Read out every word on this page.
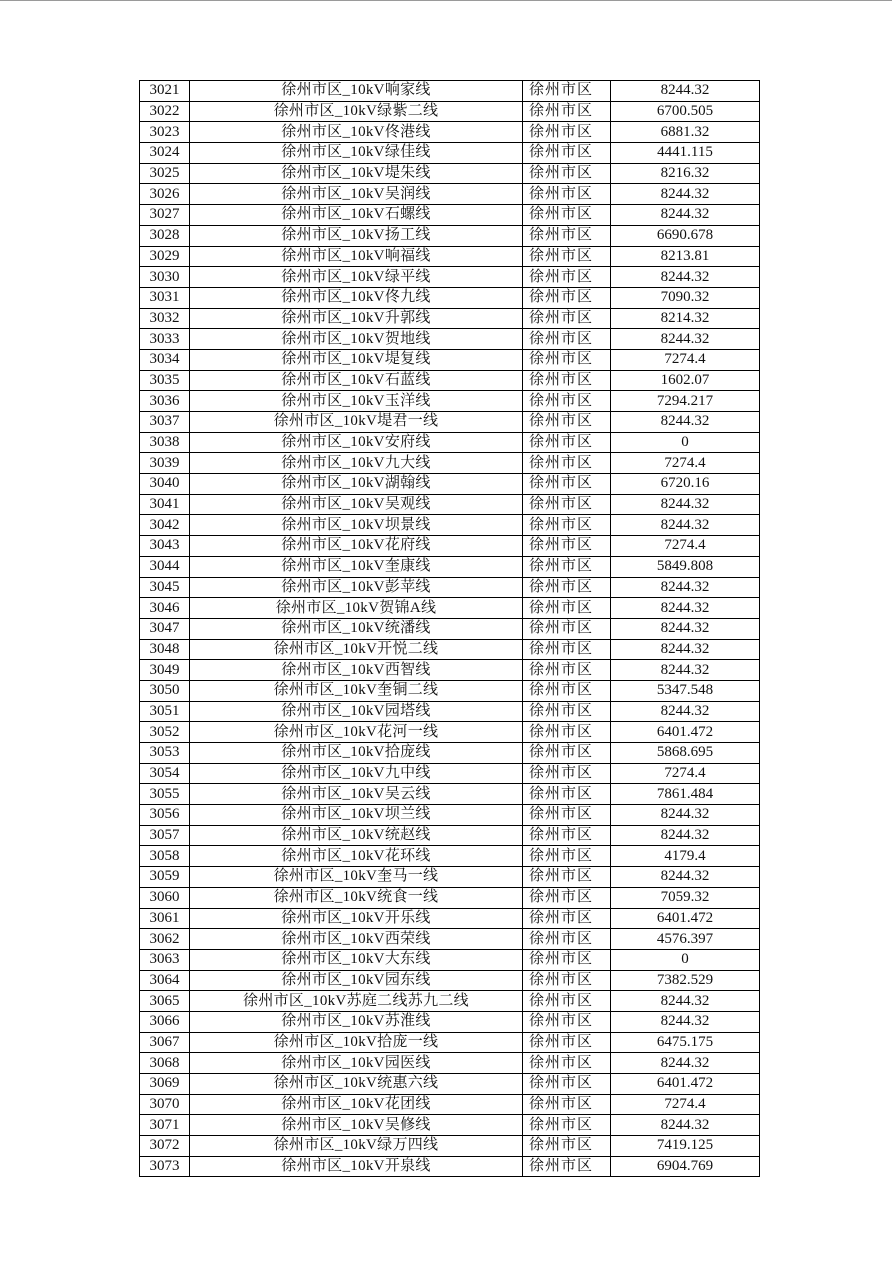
3021	徐州市区_10kV响家线	徐州市区	8244.32
3022	徐州市区_10kV绿紫二线	徐州市区	6700.505
3023	徐州市区_10kV佟港线	徐州市区	6881.32
3024	徐州市区_10kV绿佳线	徐州市区	4441.115
3025	徐州市区_10kV堤朱线	徐州市区	8216.32
3026	徐州市区_10kV吴润线	徐州市区	8244.32
3027	徐州市区_10kV石螺线	徐州市区	8244.32
3028	徐州市区_10kV扬工线	徐州市区	6690.678
3029	徐州市区_10kV响福线	徐州市区	8213.81
3030	徐州市区_10kV绿平线	徐州市区	8244.32
3031	徐州市区_10kV佟九线	徐州市区	7090.32
3032	徐州市区_10kV升郭线	徐州市区	8214.32
3033	徐州市区_10kV贺地线	徐州市区	8244.32
3034	徐州市区_10kV堤复线	徐州市区	7274.4
3035	徐州市区_10kV石蓝线	徐州市区	1602.07
3036	徐州市区_10kV玉洋线	徐州市区	7294.217
3037	徐州市区_10kV堤君一线	徐州市区	8244.32
3038	徐州市区_10kV安府线	徐州市区	0
3039	徐州市区_10kV九大线	徐州市区	7274.4
3040	徐州市区_10kV湖翰线	徐州市区	6720.16
3041	徐州市区_10kV吴观线	徐州市区	8244.32
3042	徐州市区_10kV坝景线	徐州市区	8244.32
3043	徐州市区_10kV花府线	徐州市区	7274.4
3044	徐州市区_10kV奎康线	徐州市区	5849.808
3045	徐州市区_10kV彭苹线	徐州市区	8244.32
3046	徐州市区_10kV贺锦A线	徐州市区	8244.32
3047	徐州市区_10kV统潘线	徐州市区	8244.32
3048	徐州市区_10kV开悦二线	徐州市区	8244.32
3049	徐州市区_10kV西智线	徐州市区	8244.32
3050	徐州市区_10kV奎铜二线	徐州市区	5347.548
3051	徐州市区_10kV园塔线	徐州市区	8244.32
3052	徐州市区_10kV花河一线	徐州市区	6401.472
3053	徐州市区_10kV拾庞线	徐州市区	5868.695
3054	徐州市区_10kV九中线	徐州市区	7274.4
3055	徐州市区_10kV吴云线	徐州市区	7861.484
3056	徐州市区_10kV坝兰线	徐州市区	8244.32
3057	徐州市区_10kV统赵线	徐州市区	8244.32
3058	徐州市区_10kV花环线	徐州市区	4179.4
3059	徐州市区_10kV奎马一线	徐州市区	8244.32
3060	徐州市区_10kV统食一线	徐州市区	7059.32
3061	徐州市区_10kV开乐线	徐州市区	6401.472
3062	徐州市区_10kV西荣线	徐州市区	4576.397
3063	徐州市区_10kV大东线	徐州市区	0
3064	徐州市区_10kV园东线	徐州市区	7382.529
3065	徐州市区_10kV苏庭二线苏九二线	徐州市区	8244.32
3066	徐州市区_10kV苏淮线	徐州市区	8244.32
3067	徐州市区_10kV拾庞一线	徐州市区	6475.175
3068	徐州市区_10kV园医线	徐州市区	8244.32
3069	徐州市区_10kV统惠六线	徐州市区	6401.472
3070	徐州市区_10kV花团线	徐州市区	7274.4
3071	徐州市区_10kV吴修线	徐州市区	8244.32
3072	徐州市区_10kV绿万四线	徐州市区	7419.125
3073	徐州市区_10kV开泉线	徐州市区	6904.769
